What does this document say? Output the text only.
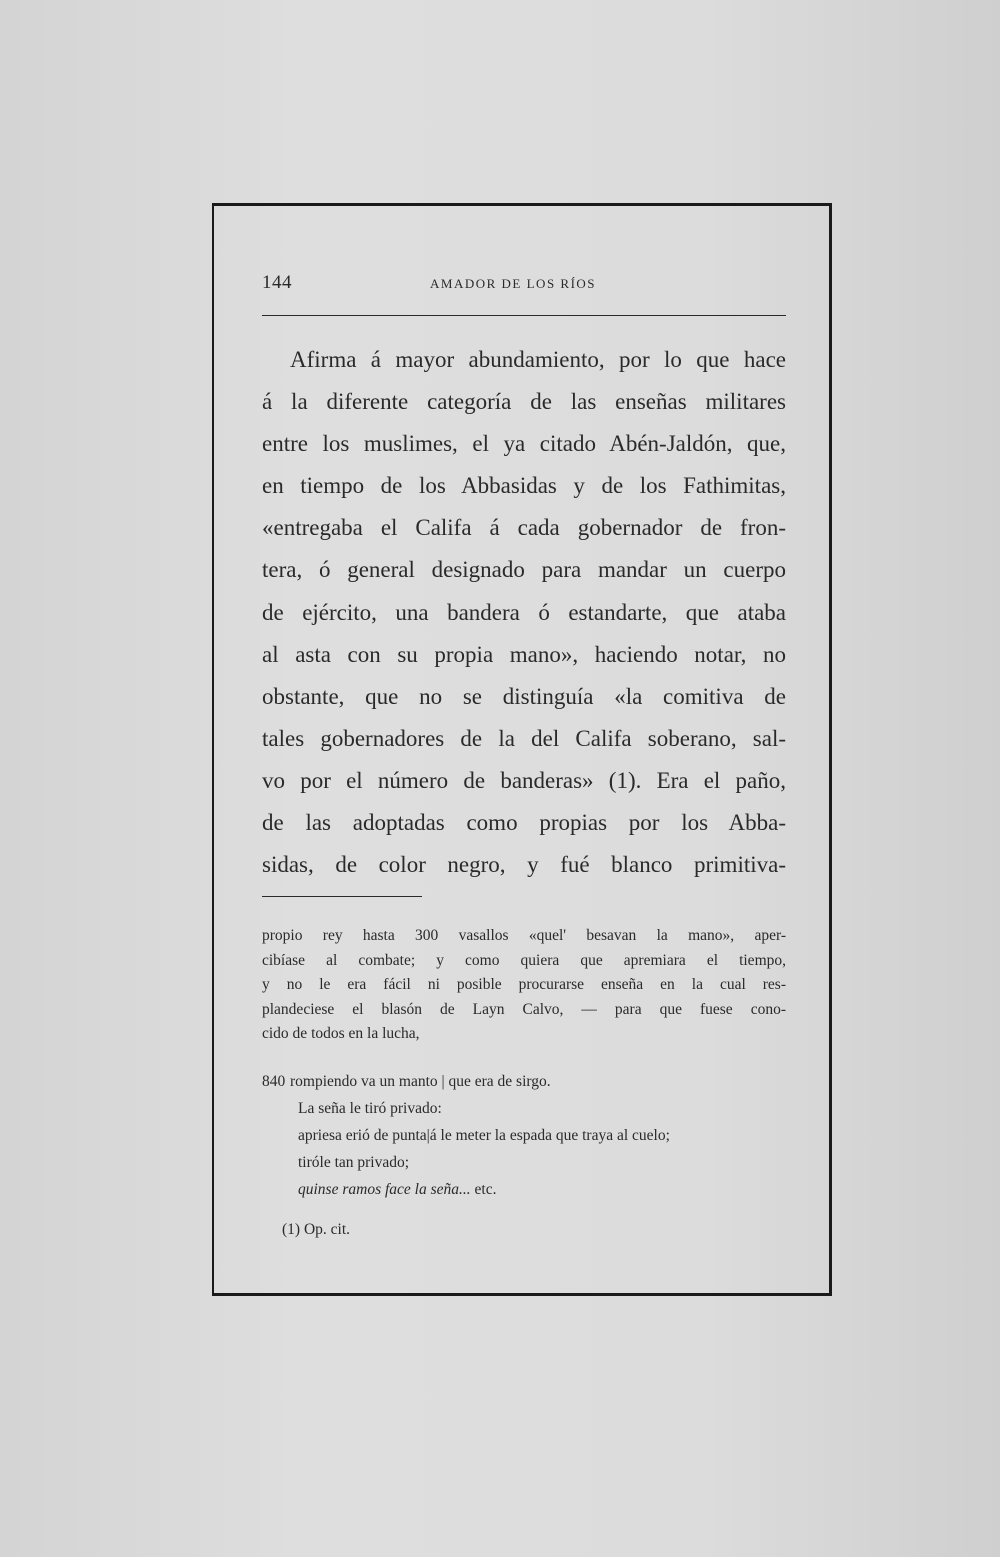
144	AMADOR DE LOS RÍOS
Afirma á mayor abundamiento, por lo que hace
á la diferente categoría de las enseñas militares
entre los muslimes, el ya citado Abén-Jaldón, que,
en tiempo de los Abbasidas y de los Fathimitas,
«entregaba el Califa á cada gobernador de fron-
tera, ó general designado para mandar un cuerpo
de ejército, una bandera ó estandarte, que ataba
al asta con su propia mano», haciendo notar, no
obstante, que no se distinguía «la comitiva de
tales gobernadores de la del Califa soberano, sal-
vo por el número de banderas» (1). Era el paño,
de las adoptadas como propias por los Abba-
sidas, de color negro, y fué blanco primitiva-
propio rey hasta 300 vasallos «quel' besavan la mano», aper-
cibíase al combate; y como quiera que apremiara el tiempo,
y no le era fácil ni posible procurarse enseña en la cual res-
plandeciese el blasón de Layn Calvo, — para que fuese cono-
cido de todos en la lucha,
840 rompiendo va un manto | que era de sirgo.
La seña le tiró privado:
apriesa erió de punta|á le meter la espada que traya al cuelo;
tiróle tan privado;
quinse ramos face la seña... etc.
(1) Op. cit.
